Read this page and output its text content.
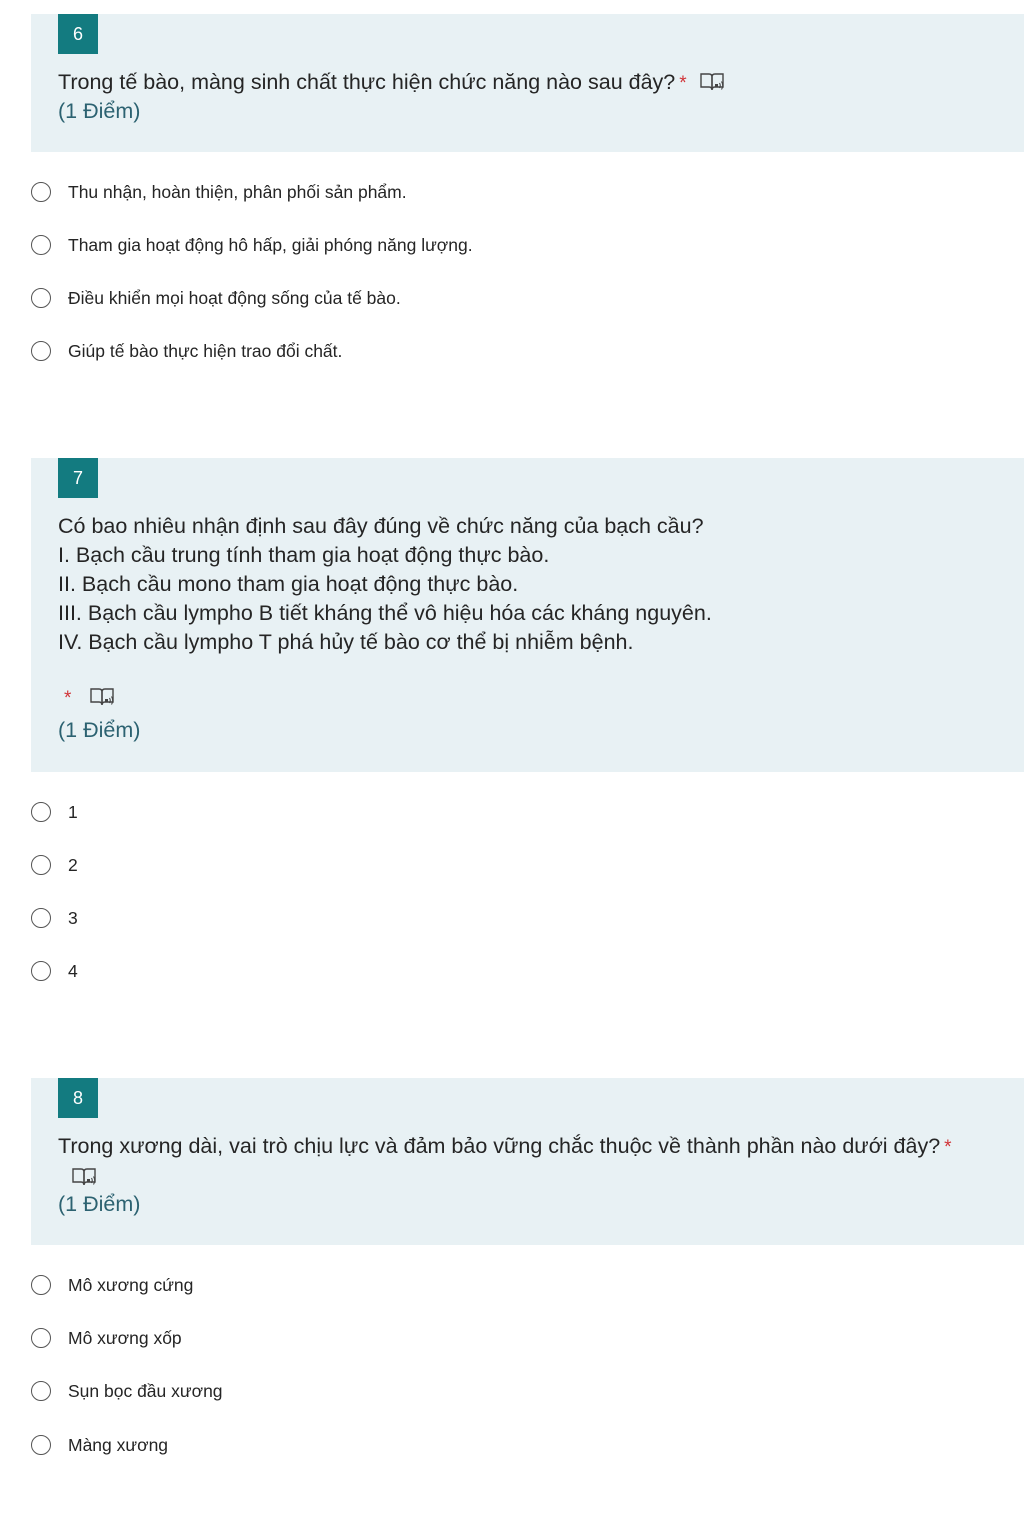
6
Trong tế bào, màng sinh chất thực hiện chức năng nào sau đây? *
(1 Điểm)
Thu nhận, hoàn thiện, phân phối sản phẩm.
Tham gia hoạt động hô hấp, giải phóng năng lượng.
Điều khiển mọi hoạt động sống của tế bào.
Giúp tế bào thực hiện trao đổi chất.
7
Có bao nhiêu nhận định sau đây đúng về chức năng của bạch cầu?
I. Bạch cầu trung tính tham gia hoạt động thực bào.
II. Bạch cầu mono tham gia hoạt động thực bào.
III. Bạch cầu lympho B tiết kháng thể vô hiệu hóa các kháng nguyên.
IV. Bạch cầu lympho T phá hủy tế bào cơ thể bị nhiễm bệnh.
*
(1 Điểm)
1
2
3
4
8
Trong xương dài, vai trò chịu lực và đảm bảo vững chắc thuộc về thành phần nào dưới đây? *
(1 Điểm)
Mô xương cứng
Mô xương xốp
Sụn bọc đầu xương
Màng xương
